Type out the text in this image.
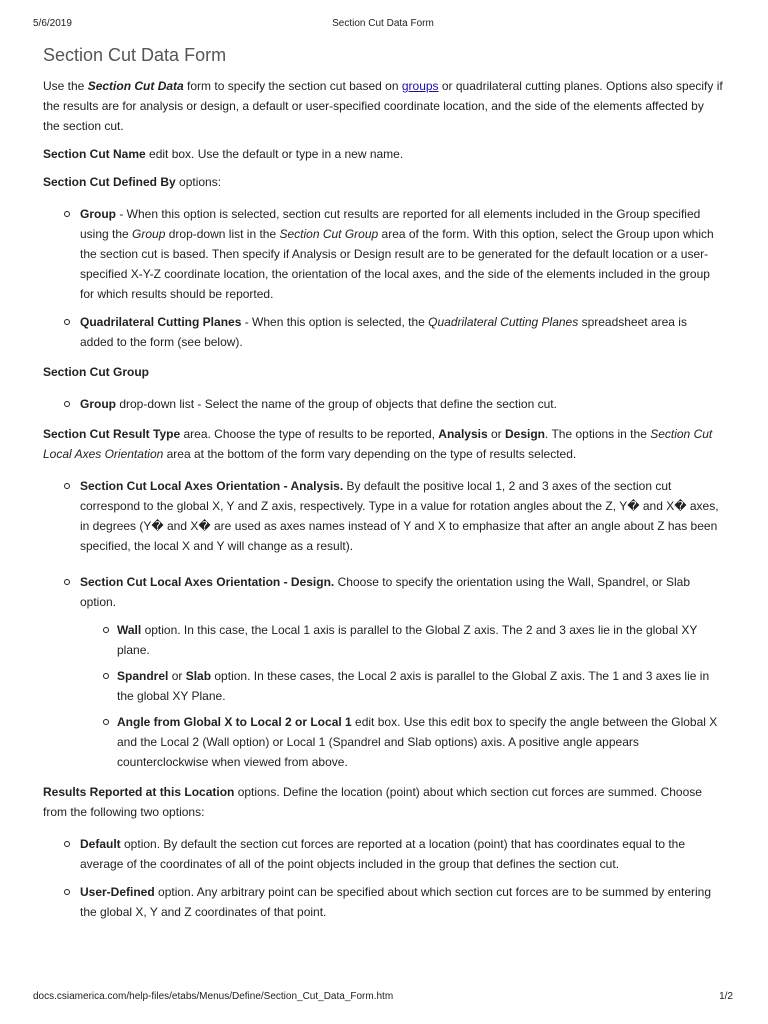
5/6/2019	Section Cut Data Form
Section Cut Data Form

Use the Section Cut Data form to specify the section cut based on groups or quadrilateral cutting planes. Options also specify if the results are for analysis or design, a default or user-specified coordinate location, and the side of the elements affected by the section cut.

Section Cut Name edit box. Use the default or type in a new name.

Section Cut Defined By options:

Group - When this option is selected, section cut results are reported for all elements included in the Group specified using the Group drop-down list in the Section Cut Group area of the form. With this option, select the Group upon which the section cut is based. Then specify if Analysis or Design result are to be generated for the default location or a user-specified X-Y-Z coordinate location, the orientation of the local axes, and the side of the elements included in the group for which results should be reported.
Quadrilateral Cutting Planes - When this option is selected, the Quadrilateral Cutting Planes spreadsheet area is added to the form (see below).

Section Cut Group

Group drop-down list - Select the name of the group of objects that define the section cut.

Section Cut Result Type area. Choose the type of results to be reported, Analysis or Design. The options in the Section Cut Local Axes Orientation area at the bottom of the form vary depending on the type of results selected.

Section Cut Local Axes Orientation - Analysis. By default the positive local 1, 2 and 3 axes of the section cut correspond to the global X, Y and Z axis, respectively. Type in a value for rotation angles about the Z, Y� and X� axes, in degrees (Y� and X� are used as axes names instead of Y and X to emphasize that after an angle about Z has been specified, the local X and Y will change as a result).
Section Cut Local Axes Orientation - Design. Choose to specify the orientation using the Wall, Spandrel, or Slab option.
Wall option. In this case, the Local 1 axis is parallel to the Global Z axis. The 2 and 3 axes lie in the global XY plane.
Spandrel or Slab option. In these cases, the Local 2 axis is parallel to the Global Z axis. The 1 and 3 axes lie in the global XY Plane.
Angle from Global X to Local 2 or Local 1 edit box. Use this edit box to specify the angle between the Global X and the Local 2 (Wall option) or Local 1 (Spandrel and Slab options) axis. A positive angle appears counterclockwise when viewed from above.

Results Reported at this Location options. Define the location (point) about which section cut forces are summed. Choose from the following two options:

Default option. By default the section cut forces are reported at a location (point) that has coordinates equal to the average of the coordinates of all of the point objects included in the group that defines the section cut.
User-Defined option. Any arbitrary point can be specified about which section cut forces are to be summed by entering the global X, Y and Z coordinates of that point.
docs.csiamerica.com/help-files/etabs/Menus/Define/Section_Cut_Data_Form.htm	1/2
